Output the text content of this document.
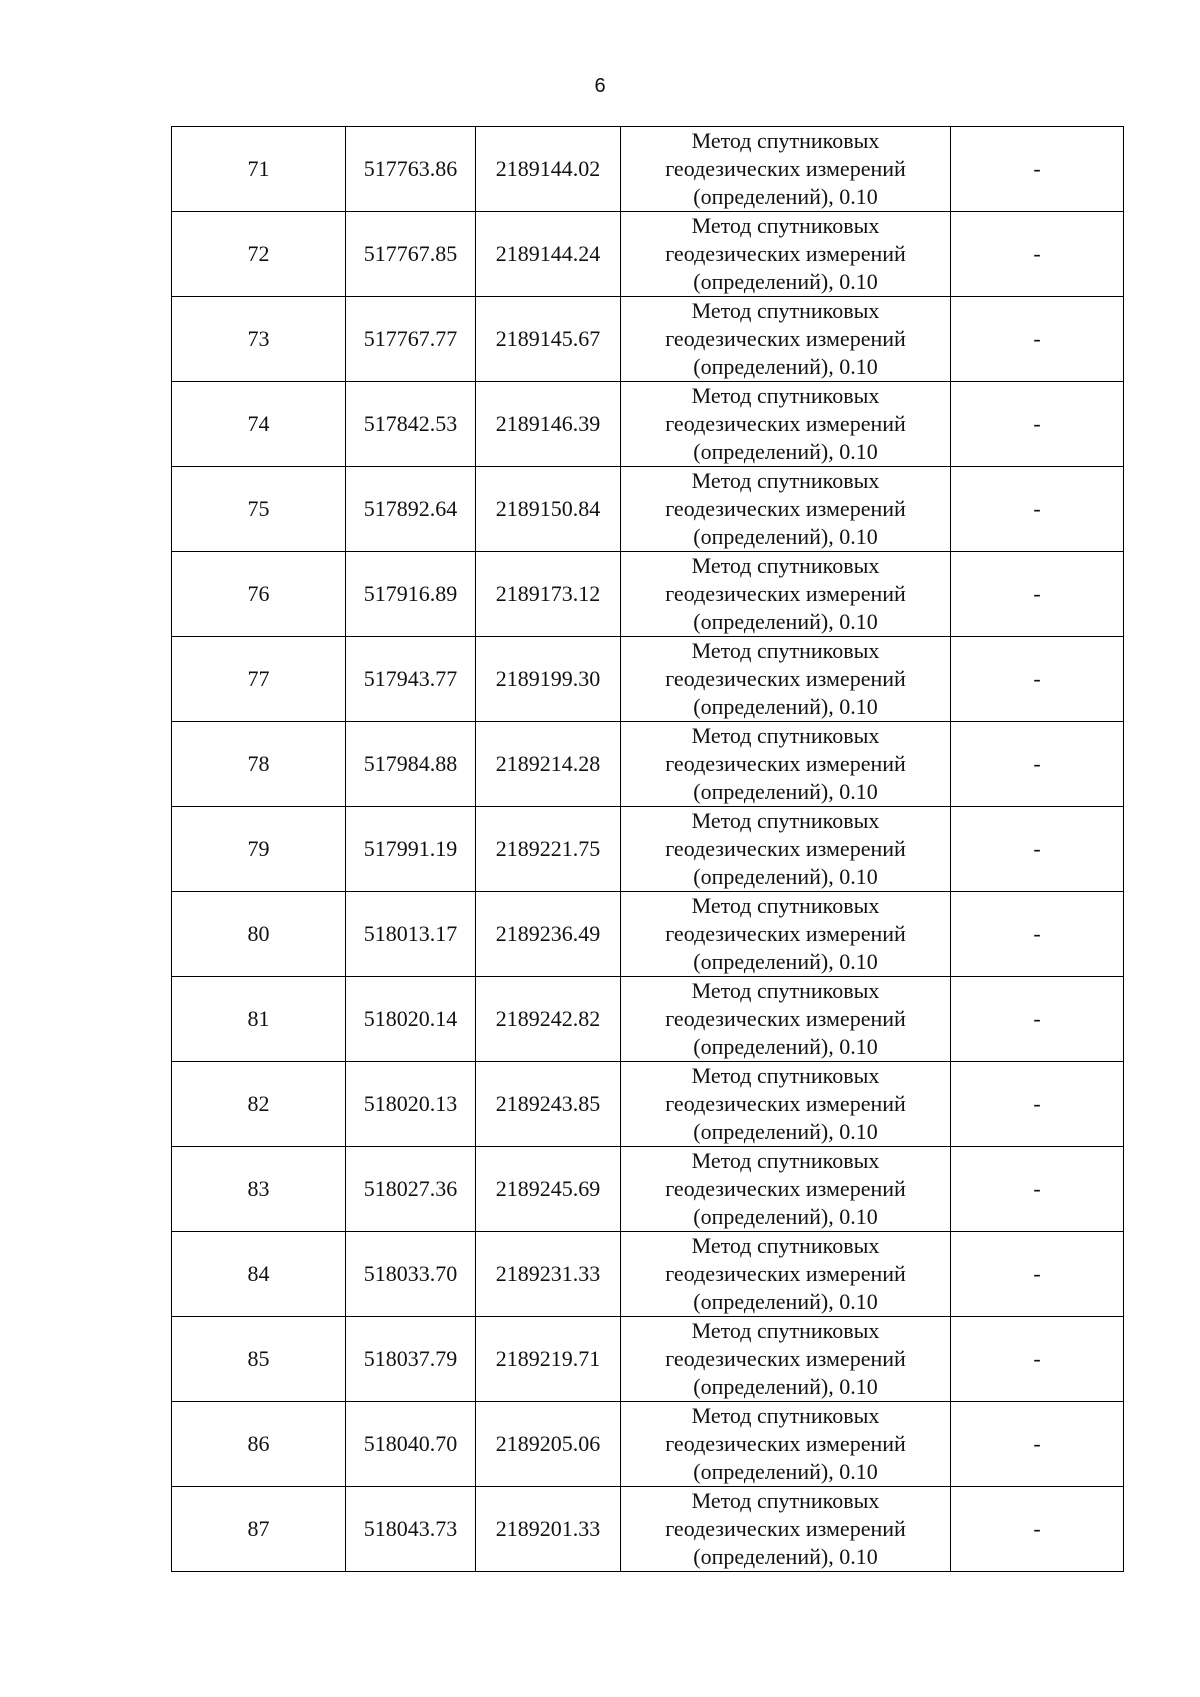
6
71	517763.86	2189144.02	Метод спутниковых
геодезических измерений
(определений), 0.10	-
72	517767.85	2189144.24	Метод спутниковых
геодезических измерений
(определений), 0.10	-
73	517767.77	2189145.67	Метод спутниковых
геодезических измерений
(определений), 0.10	-
74	517842.53	2189146.39	Метод спутниковых
геодезических измерений
(определений), 0.10	-
75	517892.64	2189150.84	Метод спутниковых
геодезических измерений
(определений), 0.10	-
76	517916.89	2189173.12	Метод спутниковых
геодезических измерений
(определений), 0.10	-
77	517943.77	2189199.30	Метод спутниковых
геодезических измерений
(определений), 0.10	-
78	517984.88	2189214.28	Метод спутниковых
геодезических измерений
(определений), 0.10	-
79	517991.19	2189221.75	Метод спутниковых
геодезических измерений
(определений), 0.10	-
80	518013.17	2189236.49	Метод спутниковых
геодезических измерений
(определений), 0.10	-
81	518020.14	2189242.82	Метод спутниковых
геодезических измерений
(определений), 0.10	-
82	518020.13	2189243.85	Метод спутниковых
геодезических измерений
(определений), 0.10	-
83	518027.36	2189245.69	Метод спутниковых
геодезических измерений
(определений), 0.10	-
84	518033.70	2189231.33	Метод спутниковых
геодезических измерений
(определений), 0.10	-
85	518037.79	2189219.71	Метод спутниковых
геодезических измерений
(определений), 0.10	-
86	518040.70	2189205.06	Метод спутниковых
геодезических измерений
(определений), 0.10	-
87	518043.73	2189201.33	Метод спутниковых
геодезических измерений
(определений), 0.10	-
